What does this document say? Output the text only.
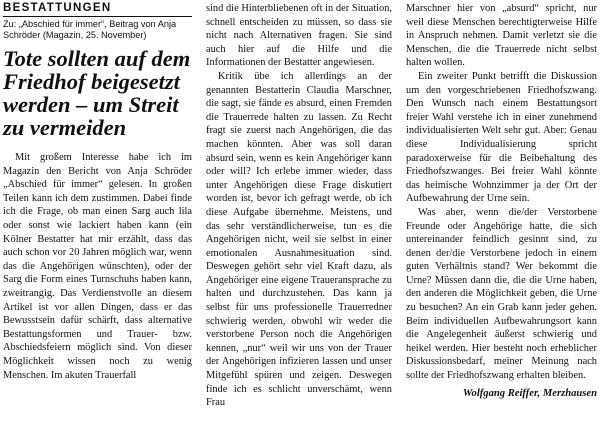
BESTATTUNGEN

Zu: „Abschied für immer“, Beitrag von Anja Schröder (Magazin, 25. November)

Tote sollten auf dem Friedhof beigesetzt werden – um Streit zu vermeiden

Mit großem Interesse habe ich im Magazin den Bericht von Anja Schröder „Abschied für immer“ gelesen. In großen Teilen kann ich dem zustimmen. Dabei finde ich die Frage, ob man einen Sarg auch lila oder sonst wie lackiert haben kann (ein Kölner Bestatter hat mir erzählt, dass das auch schon vor 20 Jahren möglich war, wenn das die Angehörigen wünschten), oder der Sarg die Form eines Turnschuhs haben kann, zweitrangig. Das Verdienstvolle an diesem Artikel ist vor allen Dingen, dass er das Bewusstsein dafür schärft, dass alternative Bestattungsformen und Trauer- bzw. Abschiedsfeiern möglich sind. Von dieser Möglichkeit wissen noch zu wenig Menschen. Im akuten Trauerfall

sind die Hinterbliebenen oft in der Situation, schnell entscheiden zu müssen, so dass sie nicht nach Alternativen fragen. Sie sind auch hier auf die Hilfe und die Informationen der Bestatter angewiesen.

Kritik übe ich allerdings an der genannten Bestatterin Claudia Marschner, die sagt, sie fände es absurd, einen Fremden die Trauerrede halten zu lassen. Zu Recht fragt sie zuerst nach Angehörigen, die das machen könnten. Aber was soll daran absurd sein, wenn es kein Angehöriger kann oder will? Ich erlebe immer wieder, dass unter Angehörigen diese Frage diskutiert worden ist, bevor ich gefragt werde, ob ich diese Aufgabe übernehme. Meistens, und das sehr verständlicherweise, tun es die Angehörigen nicht, weil sie selbst in einer emotionalen Ausnahmesituation sind. Deswegen gehört sehr viel Kraft dazu, als Angehöriger eine eigene Traueransprache zu halten und durchzustehen. Das kann ja selbst für uns professionelle Trauerredner schwierig werden, obwohl wir weder die verstorbene Person noch die Angehörigen kennen, „nur“ weil wir uns von der Trauer der Angehörigen infizieren lassen und unser Mitgefühl spüren und zeigen. Deswegen finde ich es schlicht unverschämt, wenn Frau

Marschner hier von „absurd“ spricht, nur weil diese Menschen berechtigterweise Hilfe in Anspruch nehmen. Damit verletzt sie die Menschen, die die Trauerrede nicht selbst halten wollen.

Ein zweiter Punkt betrifft die Diskussion um den vorgeschriebenen Friedhofszwang. Den Wunsch nach einem Bestattungsort freier Wahl verstehe ich in einer zunehmend individualisierten Welt sehr gut. Aber: Genau diese Individualisierung spricht paradoxerweise für die Beibehaltung des Friedhofszwanges. Bei freier Wahl könnte das heimische Wohnzimmer ja der Ort der Aufbewahrung der Urne sein.

Was aber, wenn die/der Verstorbene Freunde oder Angehörige hatte, die sich untereinander feindlich gesinnt sind, zu denen der/die Verstorbene jedoch in einem guten Verhältnis stand? Wer bekommt die Urne? Müssen dann die, die die Urne haben, den anderen die Möglichkeit geben, die Urne zu besuchen? An ein Grab kann jeder gehen. Beim individuellen Aufbewahrungsort kann die Angelegenheit äußerst schwierig und heikel werden. Hier besteht noch erheblicher Diskussionsbedarf, meiner Meinung nach sollte der Friedhofszwang erhalten bleiben.

Wolfgang Reiffer, Merzhausen
